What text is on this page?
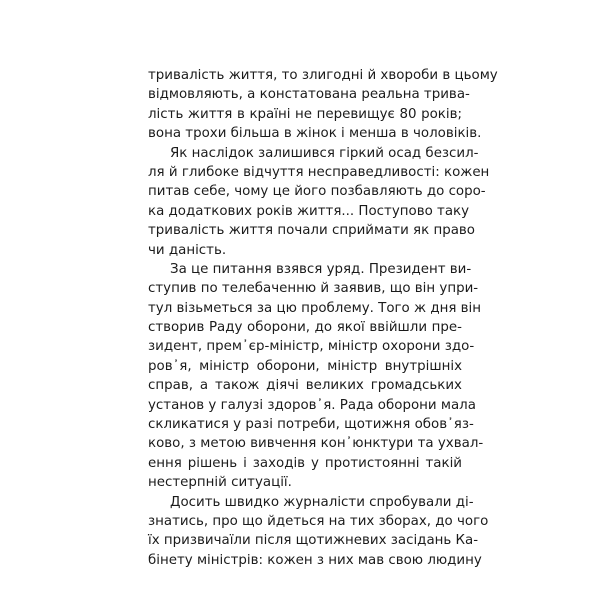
тривалість життя, то злигодні й хвороби в цьому
відмовляють, а констатована реальна трива-
лість життя в країні не перевищує 80 років;
вона трохи більша в жінок і менша в чоловіків.
Як наслідок залишився гіркий осад безсил-
ля й глибоке відчуття несправедливості: кожен
питав себе, чому це його позбавляють до соро-
ка додаткових років життя... Поступово таку
тривалість життя почали сприймати як право
чи даність.
За це питання взявся уряд. Президент ви-
ступив по телебаченню й заявив, що він упри-
тул візьметься за цю проблему. Того ж дня він
створив Раду оборони, до якої ввійшли пре-
зидент, прем᾽єр-міністр, міністр охорони здо-
ров᾽я, міністр оборони, міністр внутрішніх
справ, а також діячі великих громадських
установ у галузі здоров᾽я. Рада оборони мала
скликатися у разі потреби, щотижня обов᾽яз-
ково, з метою вивчення кон᾽юнктури та ухвал-
ення рішень і заходів у протистоянні такій
нестерпній ситуації.
Досить швидко журналісти спробували ді-
знатись, про що йдеться на тих зборах, до чого
їх призвичаїли після щотижневих засідань Ка-
бінету міністрів: кожен з них мав свою людину
